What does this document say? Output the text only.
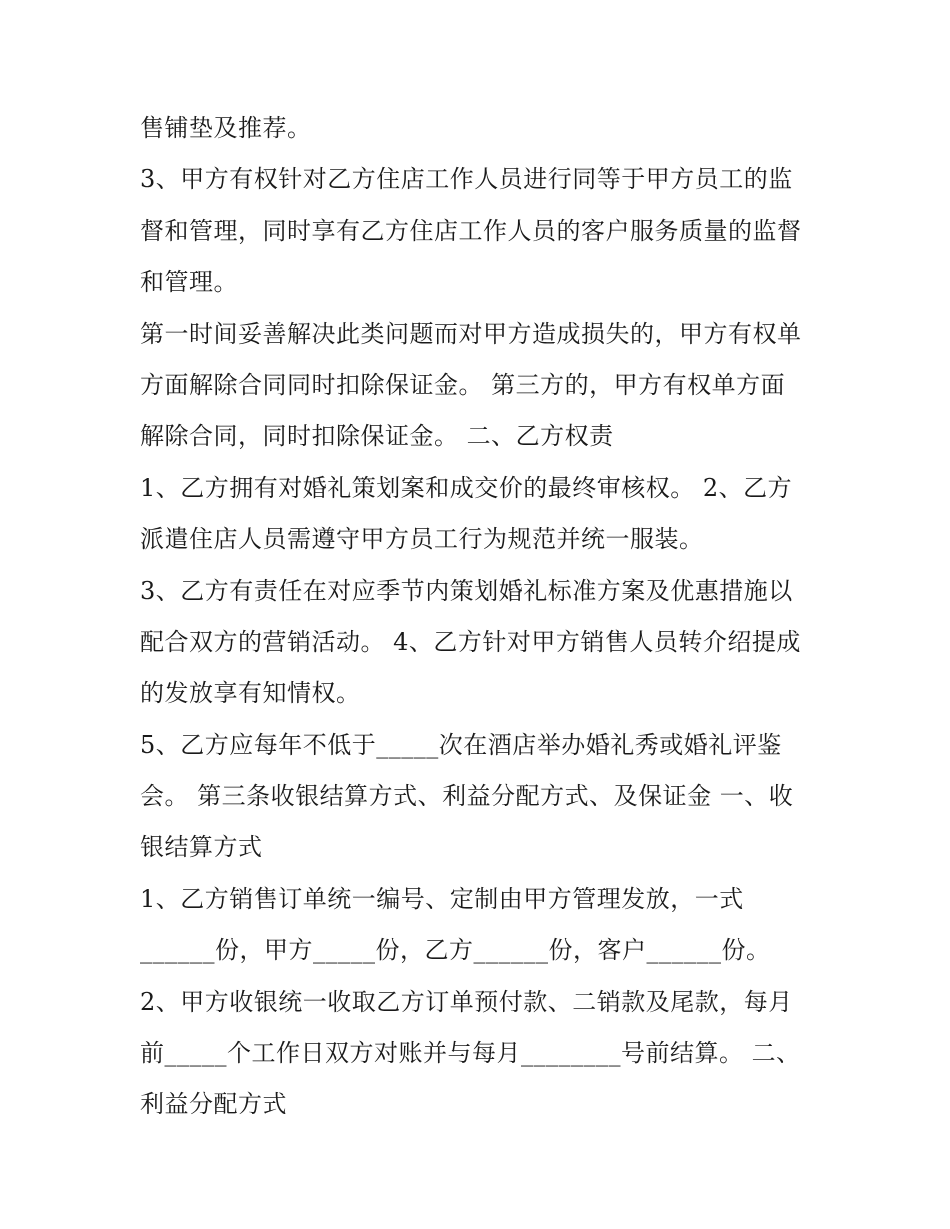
售铺垫及推荐。
3、甲方有权针对乙方住店工作人员进行同等于甲方员工的监
督和管理，同时享有乙方住店工作人员的客户服务质量的监督
和管理。
第一时间妥善解决此类问题而对甲方造成损失的，甲方有权单
方面解除合同同时扣除保证金。 第三方的，甲方有权单方面
解除合同，同时扣除保证金。 二、乙方权责
1、乙方拥有对婚礼策划案和成交价的最终审核权。 2、乙方
派遣住店人员需遵守甲方员工行为规范并统一服装。
3、乙方有责任在对应季节内策划婚礼标准方案及优惠措施以
配合双方的营销活动。 4、乙方针对甲方销售人员转介绍提成
的发放享有知情权。
5、乙方应每年不低于_____次在酒店举办婚礼秀或婚礼评鉴
会。 第三条收银结算方式、利益分配方式、及保证金 一、收
银结算方式
1、乙方销售订单统一编号、定制由甲方管理发放，一式
______份，甲方_____份，乙方______份，客户______份。
2、甲方收银统一收取乙方订单预付款、二销款及尾款，每月
前_____个工作日双方对账并与每月________号前结算。 二、
利益分配方式
